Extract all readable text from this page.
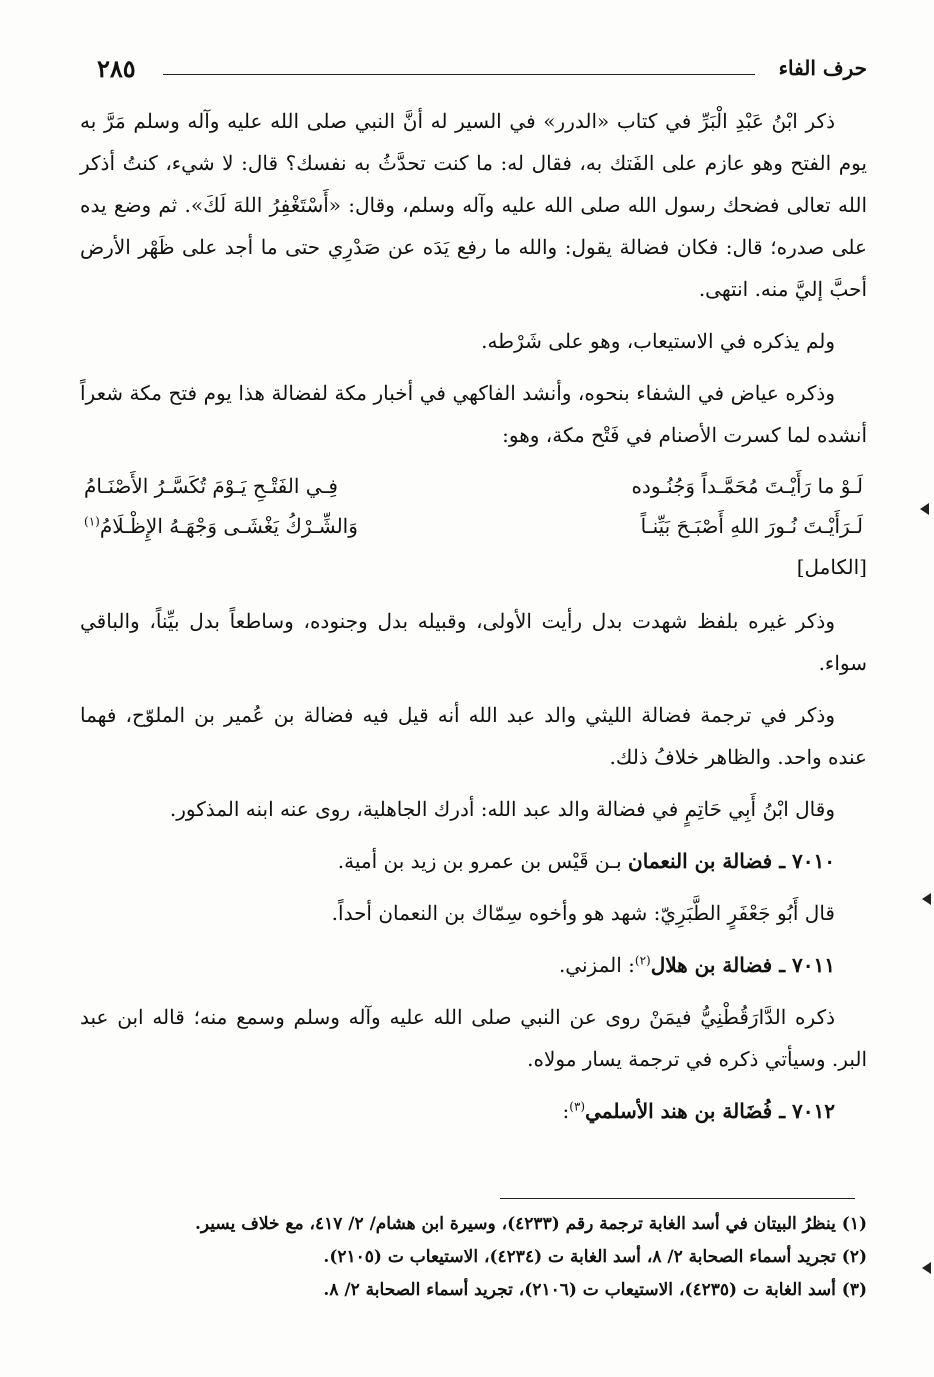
٢٨٥	حرف الفاء

ذكر ابْنُ عَبْدِ الْبَرِّ في كتاب «الدرر» في السير له أنَّ النبي صلى الله عليه وآله وسلم مَرَّ به يوم الفتح وهو عازم على الفَتك به، فقال له: ما كنت تحدَّثُ به نفسك؟ قال: لا شيء، كنتُ أذكر الله تعالى فضحك رسول الله صلى الله عليه وآله وسلم، وقال: «أَسْتَغْفِرُ اللهَ لَكَ». ثم وضع يده على صدره؛ قال: فكان فضالة يقول: والله ما رفع يَدَه عن صَدْرِي حتى ما أجد على ظَهْر الأرض أحبَّ إليَّ منه. انتهى.

ولم يذكره في الاستيعاب، وهو على شَرْطه.

وذكره عياض في الشفاء بنحوه، وأنشد الفاكهي في أخبار مكة لفضالة هذا يوم فتح مكة شعراً أنشده لما كسرت الأصنام في فَتْح مكة، وهو:

لَـوْ ما رَأَيْـتَ مُحَمَّـداً وَجُنُـوده
فِـي الفَتْـحِ يَـوْمَ تُكَسَّـرُ الأَصْنَـامُ
لَـرَأَيْـتَ نُـورَ اللهِ أَصْبَـحَ بَيِّنـاً
وَالشِّـرْكُ يَغْشَـى وَجْهَـهُ الإِظْـلَامُ$^{(١)}$
[الكامل]

وذكر غيره بلفظ شهدت بدل رأيت الأولى، وقبيله بدل وجنوده، وساطعاً بدل بيِّناً، والباقي سواء.

وذكر في ترجمة فضالة الليثي والد عبد الله أنه قيل فيه فضالة بن عُمير بن الملوّح، فهما عنده واحد. والظاهر خلافُ ذلك.

وقال ابْنُ أَبِي حَاتِمٍ في فضالة والد عبد الله: أدرك الجاهلية، روى عنه ابنه المذكور.

٧٠١٠ ـ فضالة بن النعمان بـن قَيْس بن عمرو بن زيد بن أمية.

قال أَبُو جَعْفَرٍ الطَّبَرِيّ: شهد هو وأخوه سِمّاك بن النعمان أحداً.

٧٠١١ ـ فضالة بن هلال$^{(٢)}$: المزني.

ذكره الدَّارَقُطْنِيُّ فيمَنْ روى عن النبي صلى الله عليه وآله وسلم وسمع منه؛ قاله ابن عبد البر. وسيأتي ذكره في ترجمة يسار مولاه.

٧٠١٢ ـ فُضَالة بن هند الأسلمي$^{(٣)}$:

(١) ينظرُ البيتان في أسد الغابة ترجمة رقم (٤٢٣٣)، وسيرة ابن هشام/ ٢/ ٤١٧، مع خلاف يسير.
(٢) تجريد أسماء الصحابة ٢/ ٨، أسد الغابة ت (٤٢٣٤)، الاستيعاب ت (٢١٠٥).
(٣) أسد الغابة ت (٤٢٣٥)، الاستيعاب ت (٢١٠٦)، تجريد أسماء الصحابة ٢/ ٨.
